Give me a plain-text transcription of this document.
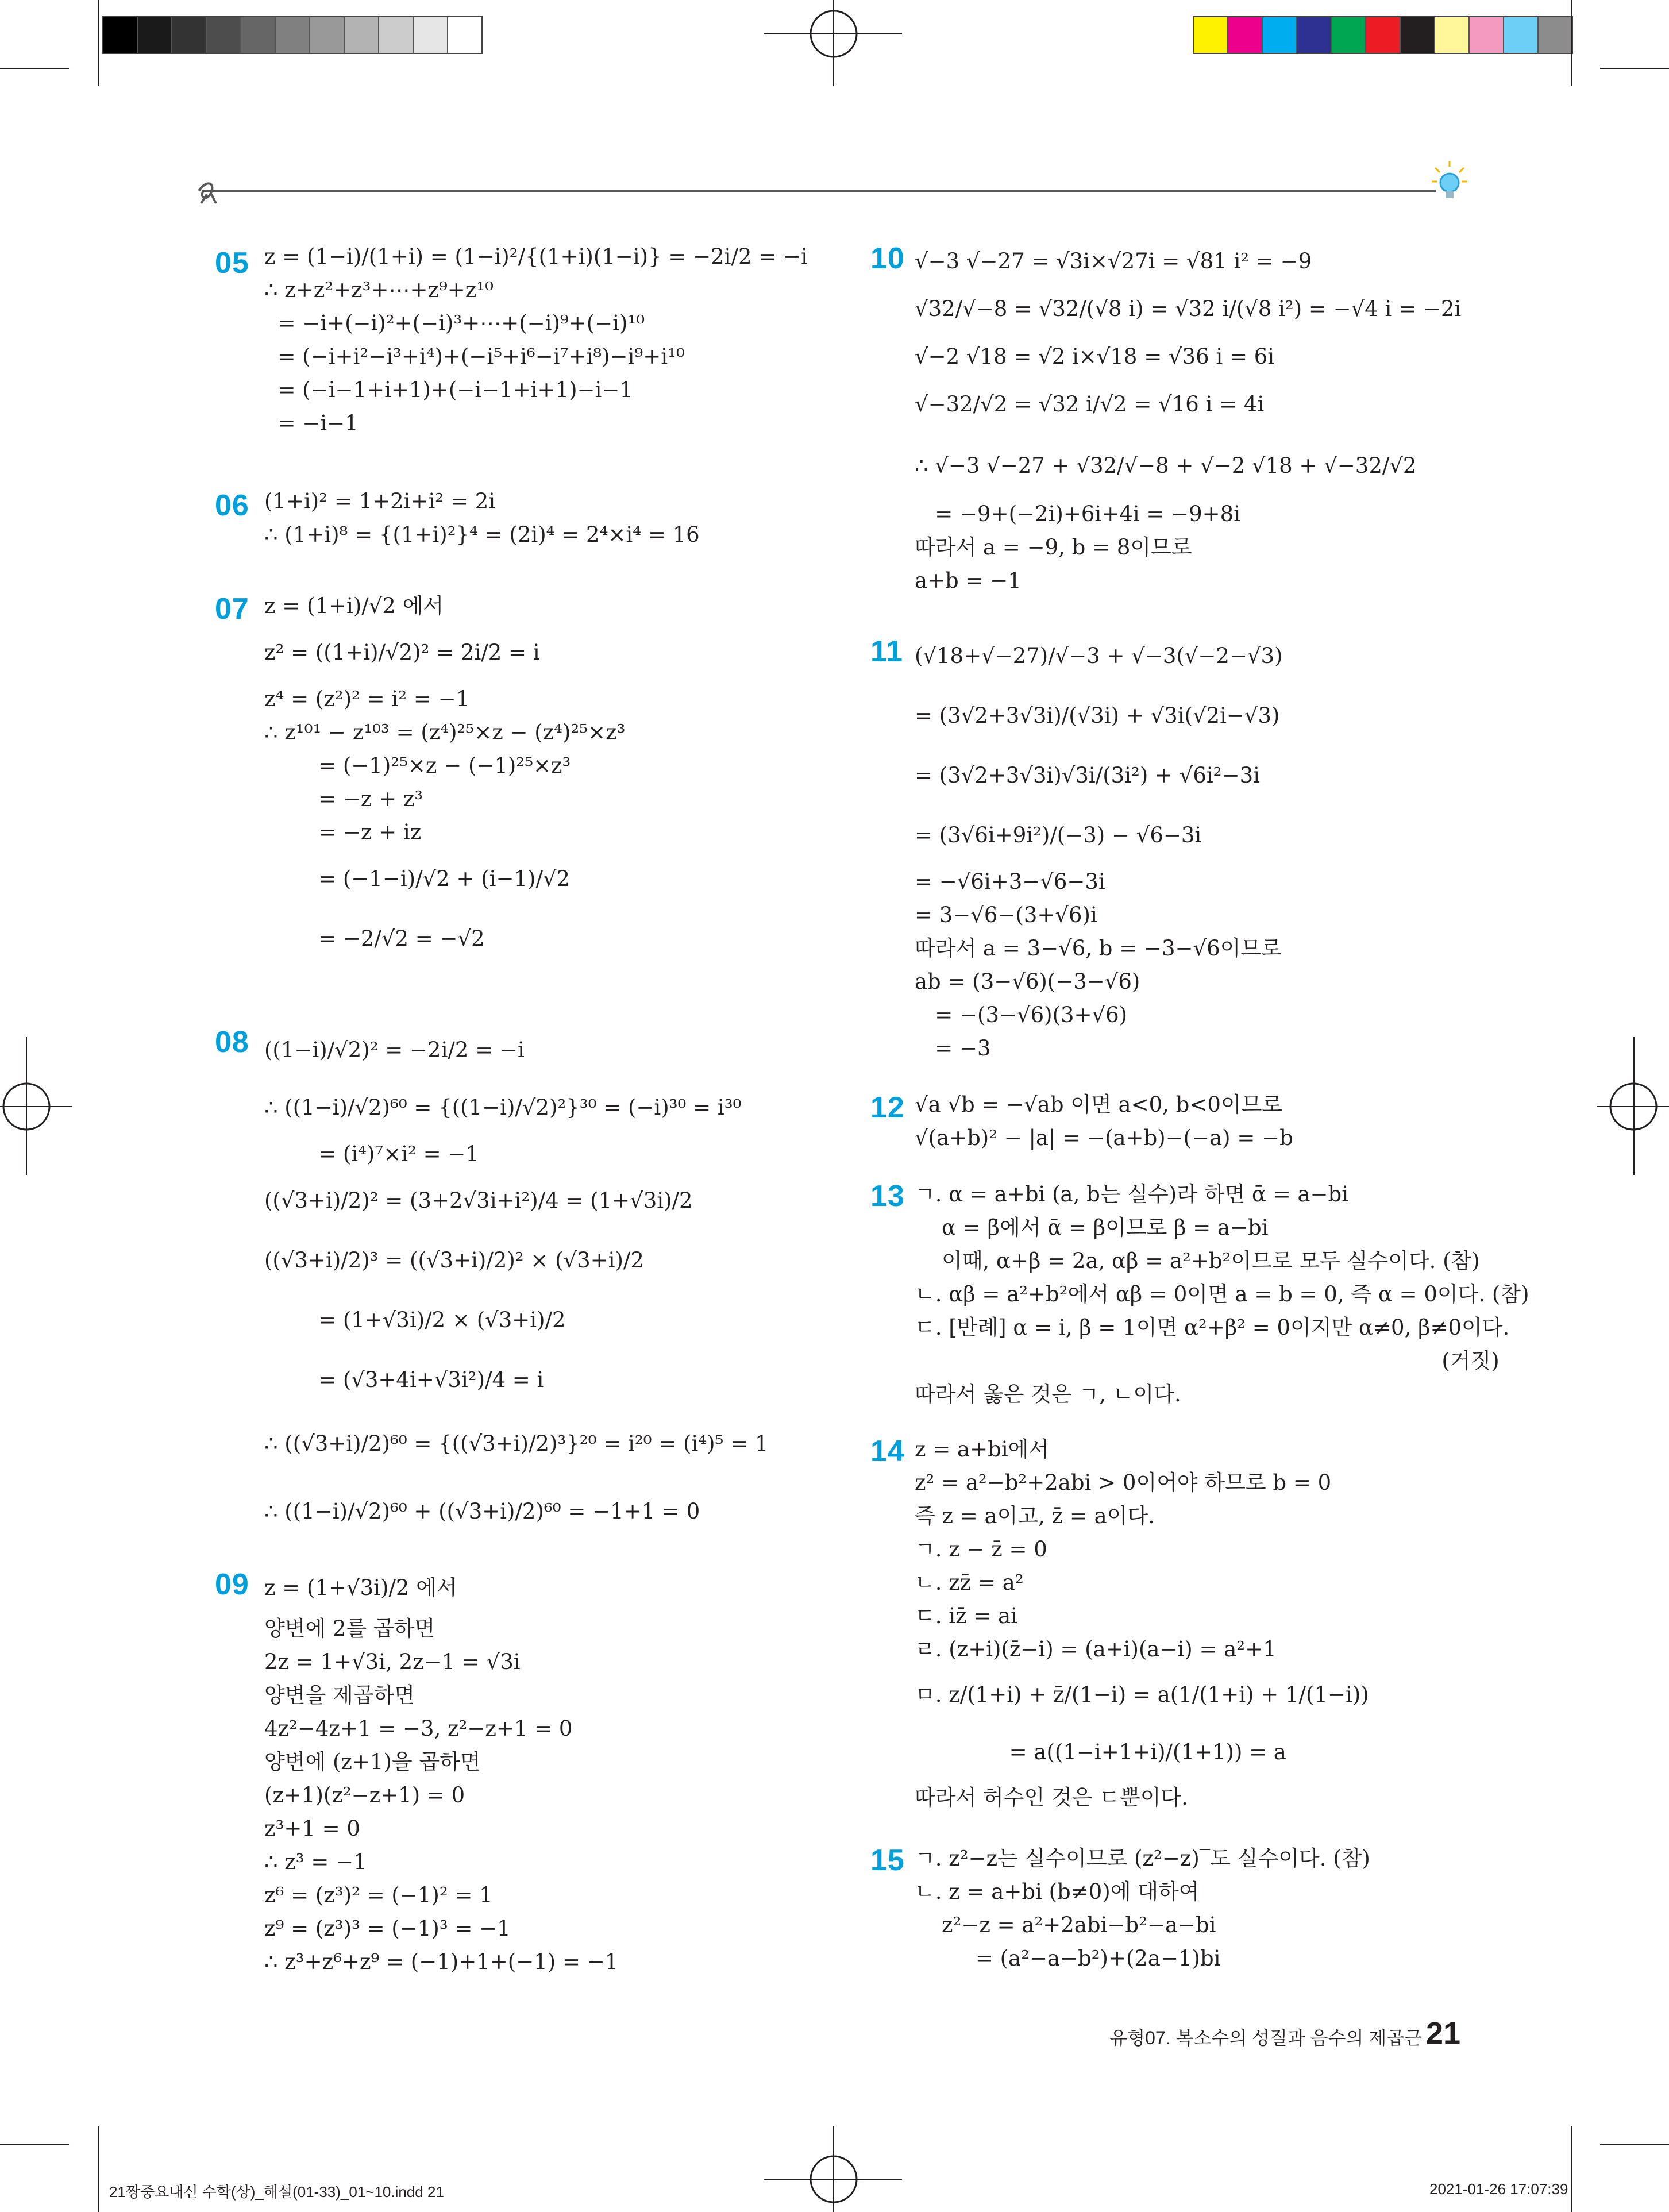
05 z = (1−i)/(1+i) = (1−i)²/{(1+i)(1−i)} = −2i/2 = −i
∴ z+z²+z³+⋯+z⁹+z¹⁰
= −i+(−i)²+(−i)³+⋯+(−i)⁹+(−i)¹⁰
= (−i+i²−i³+i⁴)+(−i⁵+i⁶−i⁷+i⁸)−i⁹+i¹⁰
= (−i−1+i+1)+(−i−1+i+1)−i−1
= −i−1
06 (1+i)² = 1+2i+i² = 2i
∴ (1+i)⁸ = {(1+i)²}⁴ = (2i)⁴ = 2⁴×i⁴ = 16
07 z = (1+i)/√2 에서
z² = ((1+i)/√2)² = 2i/2 = i
z⁴ = (z²)² = i² = −1
∴ z¹⁰¹ − z¹⁰³ = (z⁴)²⁵×z − (z⁴)²⁵×z³
= (−1)²⁵×z − (−1)²⁵×z³
= −z + z³
= −z + iz
= (−1−i)/√2 + (i−1)/√2
= −2/√2 = −√2
08 ((1−i)/√2)² = −2i/2 = −i
∴ ((1−i)/√2)⁶⁰ = {((1−i)/√2)²}³⁰ = (−i)³⁰ = i³⁰
= (i⁴)⁷×i² = −1
((√3+i)/2)² = (3+2√3i+i²)/4 = (1+√3i)/2
((√3+i)/2)³ = ((√3+i)/2)² × (√3+i)/2
= (1+√3i)/2 × (√3+i)/2
= (√3+4i+√3i²)/4 = i
∴ ((√3+i)/2)⁶⁰ = {((√3+i)/2)³}²⁰ = i²⁰ = (i⁴)⁵ = 1
∴ ((1−i)/√2)⁶⁰ + ((√3+i)/2)⁶⁰ = −1+1 = 0
09 z = (1+√3i)/2 에서
양변에 2를 곱하면
2z = 1+√3i, 2z−1 = √3i
양변을 제곱하면
4z²−4z+1 = −3, z²−z+1 = 0
양변에 (z+1)을 곱하면
(z+1)(z²−z+1) = 0
z³+1 = 0
∴ z³ = −1
z⁶ = (z³)² = (−1)² = 1
z⁹ = (z³)³ = (−1)³ = −1
∴ z³+z⁶+z⁹ = (−1)+1+(−1) = −1
10 √−3 √−27 = √3i×√27i = √81 i² = −9
√32/√−8 = √32/(√8 i) = √32 i/(√8 i²) = −√4 i = −2i
√−2 √18 = √2 i×√18 = √36 i = 6i
√−32/√2 = √32 i/√2 = √16 i = 4i
∴ √−3 √−27 + √32/√−8 + √−2 √18 + √−32/√2
= −9+(−2i)+6i+4i = −9+8i
따라서 a = −9, b = 8이므로
a+b = −1
11 (√18+√−27)/√−3 + √−3(√−2−√3)
= (3√2+3√3i)/(√3i) + √3i(√2i−√3)
= (3√2+3√3i)√3i/(3i²) + √6i²−3i
= (3√6i+9i²)/(−3) − √6−3i
= −√6i+3−√6−3i
= 3−√6−(3+√6)i
따라서 a = 3−√6, b = −3−√6이므로
ab = (3−√6)(−3−√6)
= −(3−√6)(3+√6)
= −3
12 √a √b = −√ab 이면 a<0, b<0이므로
√(a+b)² − |a| = −(a+b)−(−a) = −b
13 ㄱ. α = a+bi (a, b는 실수)라 하면 ᾱ = a−bi
α = β̄에서 ᾱ = β이므로 β = a−bi
이때, α+β = 2a, αβ = a²+b²이므로 모두 실수이다. (참)
ㄴ. αβ = a²+b²에서 αβ = 0이면 a = b = 0, 즉 α = 0이다. (참)
ㄷ. [반례] α = i, β = 1이면 α²+β² = 0이지만 α≠0, β≠0이다.
(거짓)
따라서 옳은 것은 ㄱ, ㄴ이다.
14 z = a+bi에서
z² = a²−b²+2abi > 0이어야 하므로 b = 0
즉 z = a이고, z̄ = a이다.
ㄱ. z − z̄ = 0
ㄴ. zz̄ = a²
ㄷ. iz̄ = ai
ㄹ. (z+i)(z̄−i) = (a+i)(a−i) = a²+1
ㅁ. z/(1+i) + z̄/(1−i) = a(1/(1+i) + 1/(1−i))
= a((1−i+1+i)/(1+1)) = a
따라서 허수인 것은 ㄷ뿐이다.
15 ㄱ. z²−z는 실수이므로 (z²−z)‾도 실수이다. (참)
ㄴ. z = a+bi (b≠0)에 대하여
z²−z = a²+2abi−b²−a−bi
= (a²−a−b²)+(2a−1)bi
유형07. 복소수의 성질과 음수의 제곱근 21
21짱중요내신 수학(상)_해설(01-33)_01~10.indd 21	2021-01-26 17:07:39
